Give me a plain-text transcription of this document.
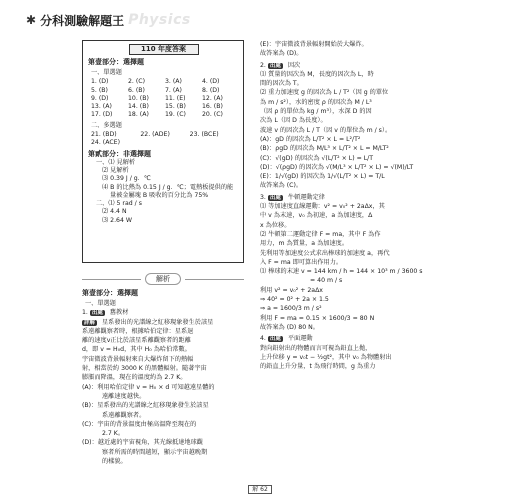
✱ 分科測驗解題王 Physics
110 年度答案
第壹部分：選擇題
一、單選題
1. (D)	2. (C)	3. (A)	4. (D)
5. (B)	6. (B)	7. (A)	8. (D)
9. (D)	10. (B)	11. (E)	12. (A)
13. (A)	14. (B)	15. (B)	16. (B)
17. (D)	18. (A)	19. (C)	20. (C)
二、多選題
21. (BD)	22. (ADE)	23. (BCE)
24. (ACE)
第貳部分：非選擇題
一、⑴ 見解析
⑵ 見解析
⑶ 0.39 J / g．℃
⑷ B 的比熱為 0.15 J / g．℃；電熱板提供的能
量被金屬塊 B 吸收的百分比為 75%
二、⑴ 5 rad / s
⑵ 4.4 N
⑶ 2.64 W
解析
第壹部分：選擇題
一、單選題
1. 出處 舊教材
詳解 星系發出的光譜線之紅移現象發生於該星
系遠離觀察者時，根據哈伯定律：星系退
離的速度v正比於該星系離觀察者的距離
d，即 v = H₀d，其中 H₀ 為哈伯常數。
宇宙微波背景輻射來自大爆炸留下的熱輻
射，相當於約 3000 K 的黑體輻射。隨著宇宙
膨脹而降溫，現在的溫度約為 2.7 K。
(A)：利用哈伯定律 v = H₀ × d 可知越遠星體的
遠離速度越快。
(B)：星系發出的光譜線之紅移現象發生於該星
系遠離觀察者。
(C)：宇宙的背景溫度由極高溫降至現在的
2.7 K。
(D)：越近處的宇宙視角，其光線抵達地球觀
察者所需的時間越短，顯示宇宙越晚期
的樣貌。
(E)：宇宙微波背景輻射開始於大爆炸。
故答案為 (D)。
2. 出處 因次
⑴ 質量的因次為 M，長度的因次為 L，時
間的因次為 T。
⑵ 重力加速度 g 的因次為 L / T²（因 g 的單位
為 m / s²），水的密度 ρ 的因次為 M / L³
（因 ρ 的單位為 kg / m³），水深 D 的因
次為 L（因 D 為長度）。
波速 v 的因次為 L / T（因 v 的單位為 m / s）。
(A)：gD 的因次為 L/T² × L = L²/T²
(B)：ρgD 的因次為 M/L³ × L/T² × L = M/LT²
(C)：√(gD) 的因次為 √(L/T² × L) = L/T
(D)：√(ρgD) 的因次為 √(M/L³ × L/T² × L) = √(M)/LT
(E)：1/√(gD) 的因次為 1/√(L/T² × L) = T/L
故答案為 (C)。
3. 出處 牛頓運動定律
⑴ 等加速度直線運動：v² = v₀² + 2aΔx，其
中 v 為末速，v₀ 為初速，a 為加速度，Δ
x 為位移。
⑵ 牛頓第二運動定律 F = ma，其中 F 為作
用力，m 為質量，a 為加速度。
先利用等加速度公式求出棒球的加速度 a，再代
入 F = ma 即可算出作用力。
⑴ 棒球的末速 v = 144 km / h = 144 × 10³ m / 3600 s
= 40 m / s
利用 v² = v₀² + 2aΔx
⇒ 40² = 0² + 2a × 1.5
⇒ a = 1600/3 m / s²
利用 F = ma = 0.15 × 1600/3 = 80 N
故答案為 (D) 80 N。
4. 出處 平面運動
對向鉛射出的物體而言可視為鉛直上拋，
上升位移 y = v₀t − ½gt²，其中 v₀ 為物體射出
的鉛直上升分量，t 為飛行時間，g 為重力
解 62
